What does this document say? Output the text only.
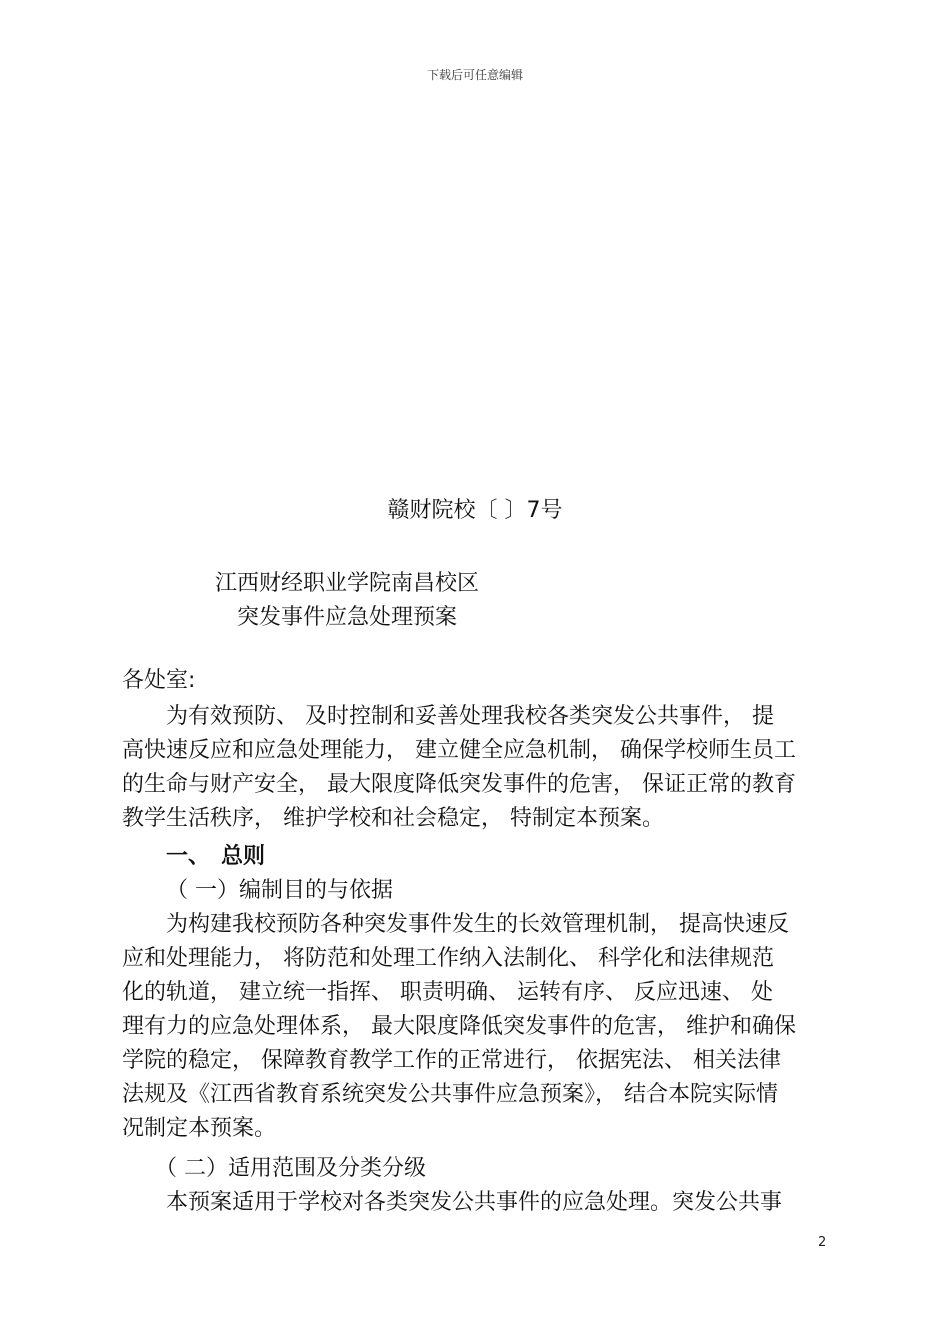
下载后可任意编辑
赣财院校〔 〕7号
江西财经职业学院南昌校区
突发事件应急处理预案
各处室:
　　为有效预防、 及时控制和妥善处理我校各类突发公共事件， 提
高快速反应和应急处理能力， 建立健全应急机制， 确保学校师生员工
的生命与财产安全， 最大限度降低突发事件的危害， 保证正常的教育
教学生活秩序， 维护学校和社会稳定， 特制定本预案。
一、　总则
（ 一）编制目的与依据
　　为构建我校预防各种突发事件发生的长效管理机制， 提高快速反
应和处理能力， 将防范和处理工作纳入法制化、 科学化和法律规范
化的轨道， 建立统一指挥、 职责明确、 运转有序、 反应迅速、 处
理有力的应急处理体系， 最大限度降低突发事件的危害， 维护和确保
学院的稳定， 保障教育教学工作的正常进行， 依据宪法、 相关法律
法规及《江西省教育系统突发公共事件应急预案》， 结合本院实际情
况制定本预案。
（ 二）适用范围及分类分级
　　本预案适用于学校对各类突发公共事件的应急处理。突发公共事
2
